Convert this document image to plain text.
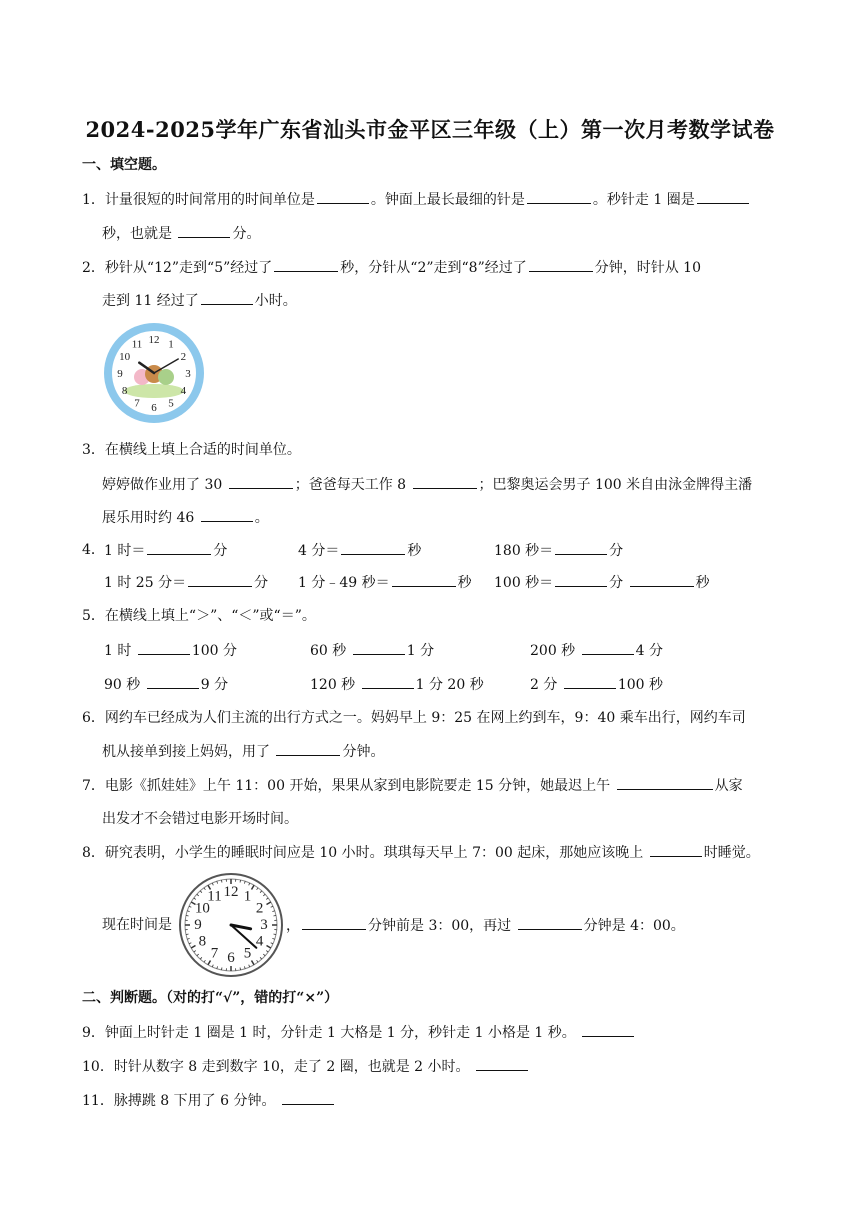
2024-2025学年广东省汕头市金平区三年级（上）第一次月考数学试卷
一、填空题。
1．计量很短的时间常用的时间单位是	。钟面上最长最细的针是	。秒针走 1 圈是
秒，也就是	分。
2．秒针从“12”走到“5”经过了	秒，分针从“2”走到“8”经过了	分钟，时针从 10
走到 11 经过了	小时。
12 1
2
3
4
5
6
7
8
9
10
11
3．在横线上填上合适的时间单位。
婷婷做作业用了 30	；爸爸每天工作 8	；巴黎奥运会男子 100 米自由泳金牌得主潘
展乐用时约 46	。
4． 1 时＝	分	4 分＝	秒	180 秒＝	分
1 时 25 分＝	分 1 分﹣49 秒＝	秒 100 秒＝	分	秒
5．在横线上填上“＞”、“＜”或“＝”。
1 时	100 分	60 秒	1 分	200 秒	4 分
90 秒	9 分	120 秒	1 分 20 秒	2 分	100 秒
6．网约车已经成为人们主流的出行方式之一。妈妈早上 9：25 在网上约到车，9：40 乘车出行，网约车司
机从接单到接上妈妈，用了	分钟。
7．电影《抓娃娃》上午 11：00 开始，果果从家到电影院要走 15 分钟，她最迟上午	从家
出发才不会错过电影开场时间。
8．研究表明，小学生的睡眠时间应是 10 小时。琪琪每天早上 7：00 起床，那她应该晚上	时睡觉。
现在时间是
12 1
2
3
4
5
6
7
8
9
10
11
，	分钟前是 3：00，再过	分钟是 4：00。
二、判断题。（对的打“√”，错的打“×”）
9．钟面上时针走 1 圈是 1 时，分针走 1 大格是 1 分，秒针走 1 小格是 1 秒。
10．时针从数字 8 走到数字 10，走了 2 圈，也就是 2 小时。
11．脉搏跳 8 下用了 6 分钟。
